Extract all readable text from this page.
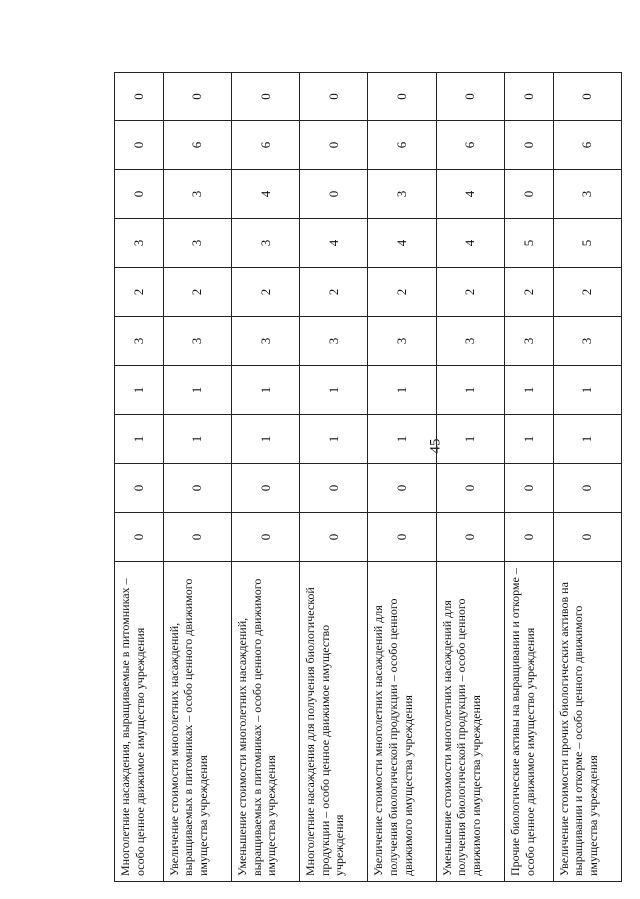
45
Многолетние насаждения, выращиваемые в питомниках – особо ценное движимое имущество учреждения	0	0	1	1	3	2	3	0	0	0
Увеличение стоимости многолетних насаждений, выращиваемых в питомниках – особо ценного движимого имущества учреждения	0	0	1	1	3	2	3	3	6	0
Уменьшение стоимости многолетних насаждений, выращиваемых в питомниках – особо ценного движимого имущества учреждения	0	0	1	1	3	2	3	4	6	0
Многолетние насаждения для получения биологической продукции – особо ценное движимое имущество учреждения	0	0	1	1	3	2	4	0	0	0
Увеличение стоимости многолетних насаждений для получения биологической продукции – особо ценного движимого имущества учреждения	0	0	1	1	3	2	4	3	6	0
Уменьшение стоимости многолетних насаждений для получения биологической продукции – особо ценного движимого имущества учреждения	0	0	1	1	3	2	4	4	6	0
Прочие биологические активы на выращивании и откорме – особо ценное движимое имущество учреждения	0	0	1	1	3	2	5	0	0	0
Увеличение стоимости прочих биологических активов на выращивании и откорме – особо ценного движимого имущества учреждения	0	0	1	1	3	2	5	3	6	0
